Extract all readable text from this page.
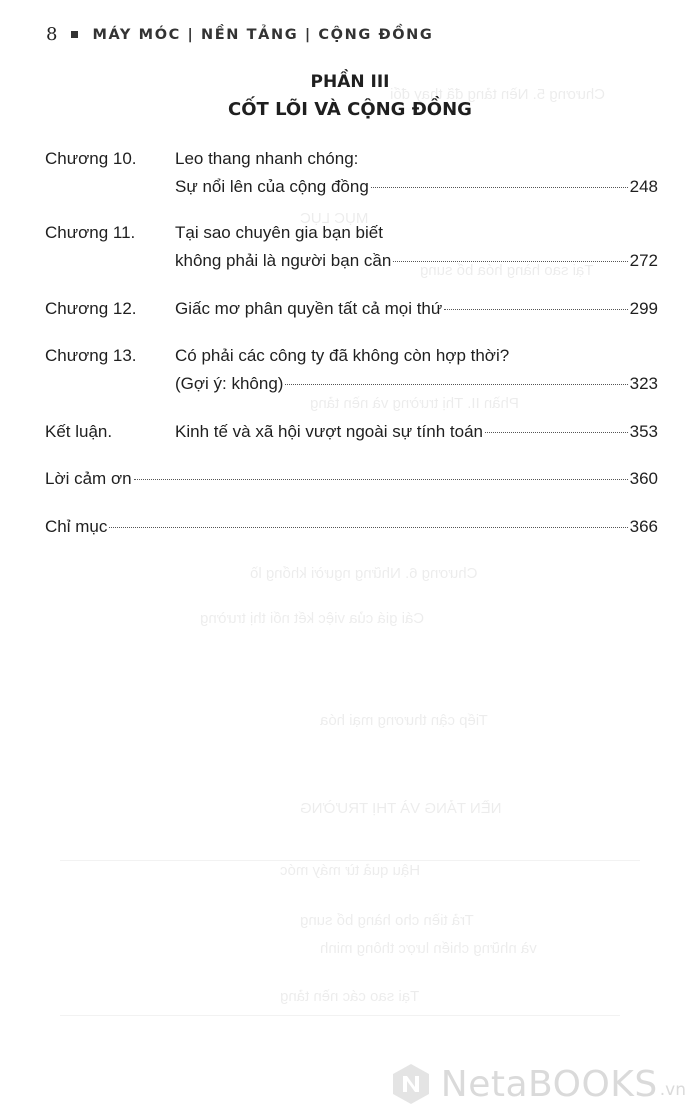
Chương 5. Nền tảng đã thay đổi
MỤC LỤC
Tại sao hàng hóa bổ sung
Phần II. Thị trường và nền tảng
Chương 6. Những người khổng lồ
Cái giá của việc kết nối thị trường
Tiếp cận thương mại hóa
NỀN TẢNG VÀ THỊ TRƯỜNG
Hậu quả từ máy móc
Trả tiền cho hàng bổ sung
và những chiến lược thông minh
Tại sao các nền tảng
8 MÁY MÓC | NỀN TẢNG | CỘNG ĐỒNG
PHẦN III
CỐT LÕI VÀ CỘNG ĐỒNG
Chương 10. Leo thang nhanh chóng:
Sự nổi lên của cộng đồng	248
Chương 11. Tại sao chuyên gia bạn biết
không phải là người bạn cần	272
Chương 12. Giấc mơ phân quyền tất cả mọi thứ	299
Chương 13. Có phải các công ty đã không còn hợp thời?
(Gợi ý: không)	323
Kết luận.	Kinh tế và xã hội vượt ngoài sự tính toán	353
Lời cảm ơn	360
Chỉ mục	366
NetaBOOKS .vn
